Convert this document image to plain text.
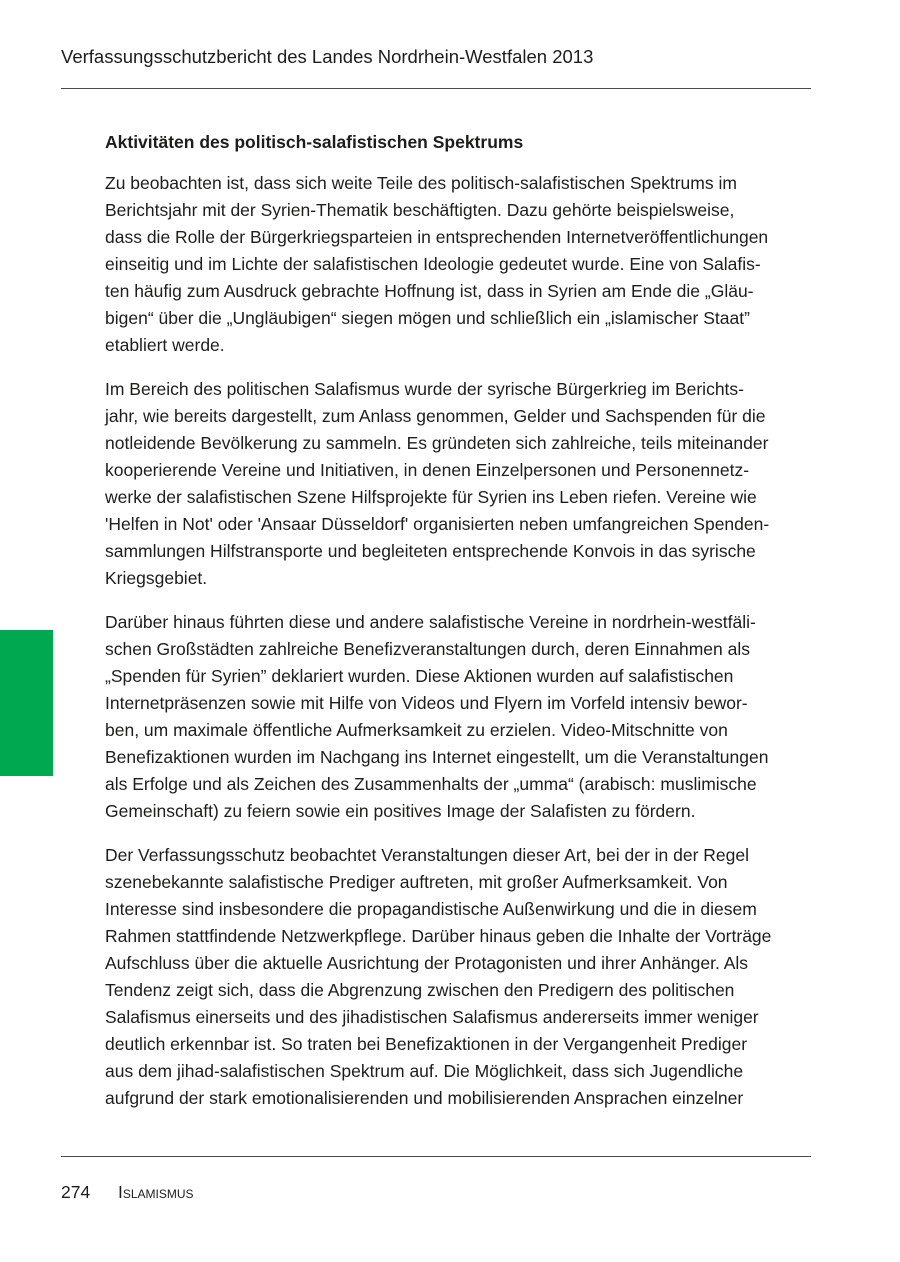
Verfassungsschutzbericht des Landes Nordrhein-Westfalen 2013
Aktivitäten des politisch-salafistischen Spektrums

Zu beobachten ist, dass sich weite Teile des politisch-salafistischen Spektrums im
Berichtsjahr mit der Syrien-Thematik beschäftigten. Dazu gehörte beispielsweise,
dass die Rolle der Bürgerkriegsparteien in entsprechenden Internetveröffentlichungen
einseitig und im Lichte der salafistischen Ideologie gedeutet wurde. Eine von Salafis-
ten häufig zum Ausdruck gebrachte Hoffnung ist, dass in Syrien am Ende die „Gläu-
bigen“ über die „Ungläubigen“ siegen mögen und schließlich ein „islamischer Staat”
etabliert werde.

Im Bereich des politischen Salafismus wurde der syrische Bürgerkrieg im Berichts-
jahr, wie bereits dargestellt, zum Anlass genommen, Gelder und Sachspenden für die
notleidende Bevölkerung zu sammeln. Es gründeten sich zahlreiche, teils miteinander
kooperierende Vereine und Initiativen, in denen Einzelpersonen und Personennetz-
werke der salafistischen Szene Hilfsprojekte für Syrien ins Leben riefen. Vereine wie
'Helfen in Not' oder 'Ansaar Düsseldorf' organisierten neben umfangreichen Spenden-
sammlungen Hilfstransporte und begleiteten entsprechende Konvois in das syrische
Kriegsgebiet.

Darüber hinaus führten diese und andere salafistische Vereine in nordrhein-westfäli-
schen Großstädten zahlreiche Benefizveranstaltungen durch, deren Einnahmen als
„Spenden für Syrien” deklariert wurden. Diese Aktionen wurden auf salafistischen
Internetpräsenzen sowie mit Hilfe von Videos und Flyern im Vorfeld intensiv bewor-
ben, um maximale öffentliche Aufmerksamkeit zu erzielen. Video-Mitschnitte von
Benefizaktionen wurden im Nachgang ins Internet eingestellt, um die Veranstaltungen
als Erfolge und als Zeichen des Zusammenhalts der „umma“ (arabisch: muslimische
Gemeinschaft) zu feiern sowie ein positives Image der Salafisten zu fördern.

Der Verfassungsschutz beobachtet Veranstaltungen dieser Art, bei der in der Regel
szenebekannte salafistische Prediger auftreten, mit großer Aufmerksamkeit. Von
Interesse sind insbesondere die propagandistische Außenwirkung und die in diesem
Rahmen stattfindende Netzwerkpflege. Darüber hinaus geben die Inhalte der Vorträge
Aufschluss über die aktuelle Ausrichtung der Protagonisten und ihrer Anhänger. Als
Tendenz zeigt sich, dass die Abgrenzung zwischen den Predigern des politischen
Salafismus einerseits und des jihadistischen Salafismus andererseits immer weniger
deutlich erkennbar ist. So traten bei Benefizaktionen in der Vergangenheit Prediger
aus dem jihad-salafistischen Spektrum auf. Die Möglichkeit, dass sich Jugendliche
aufgrund der stark emotionalisierenden und mobilisierenden Ansprachen einzelner

274 Islamismus
